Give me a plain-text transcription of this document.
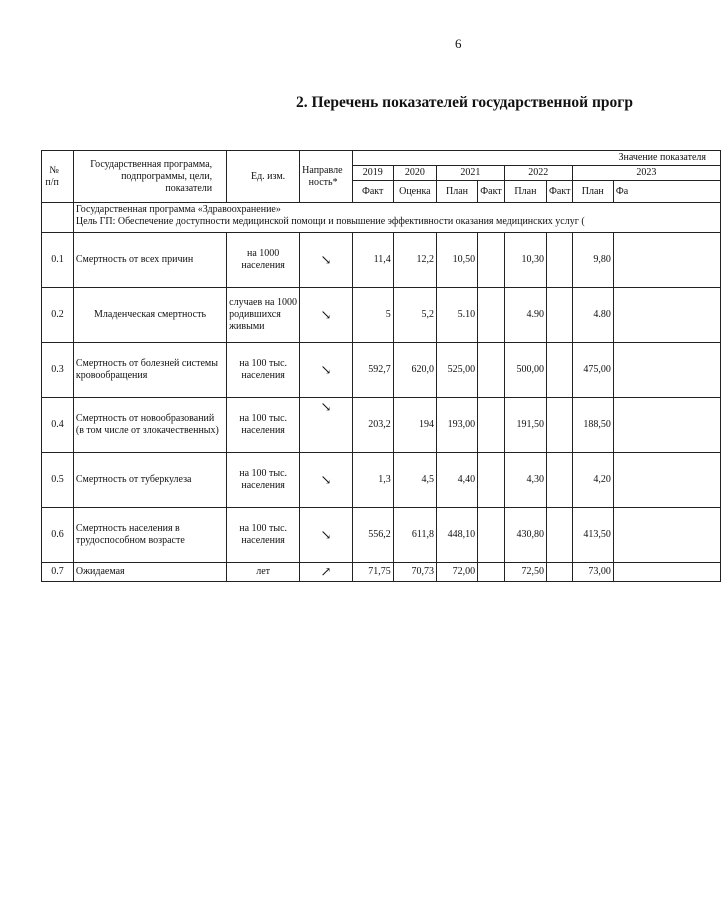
6
2. Перечень показателей государственной прогр
№ п/п	Государственная программа, подпрограммы, цели, показатели	Ед. изм.	Направле ность*	Значение показателя							
				2019	2020	2021		2022		2023	
				Факт	Оценка	План	Факт	План	Факт	План	Фа

	Государственная программа «Здравоохранение»
Цель ГП: Обеспечение доступности медицинской помощи и повышение эффективности оказания медицинских услуг (										

0.1	Смертность от всех причин	на 1000 населения	↘	11,4	12,2	10,50		10,30		9,80	
0.2	Младенческая смертность	случаев на 1000 родившихся живыми	↘	5	5,2	5.10		4.90		4.80	
0.3	Смертность от болезней системы кровообращения	на 100 тыс. населения	↘	592,7	620,0	525,00		500,00		475,00	
0.4	Смертность от новообразований (в том числе от злокачественных)	на 100 тыс. населения	↘	203,2	194	193,00		191,50		188,50	
0.5	Смертность от туберкулеза	на 100 тыс. населения	↘	1,3	4,5	4,40		4,30		4,20	
0.6	Смертность населения в трудоспособном возрасте	на 100 тыс. населения	↘	556,2	611,8	448,10		430,80		413,50	
0.7	Ожидаемая	лет	↗	71,75	70,73	72,00		72,50		73,00	
